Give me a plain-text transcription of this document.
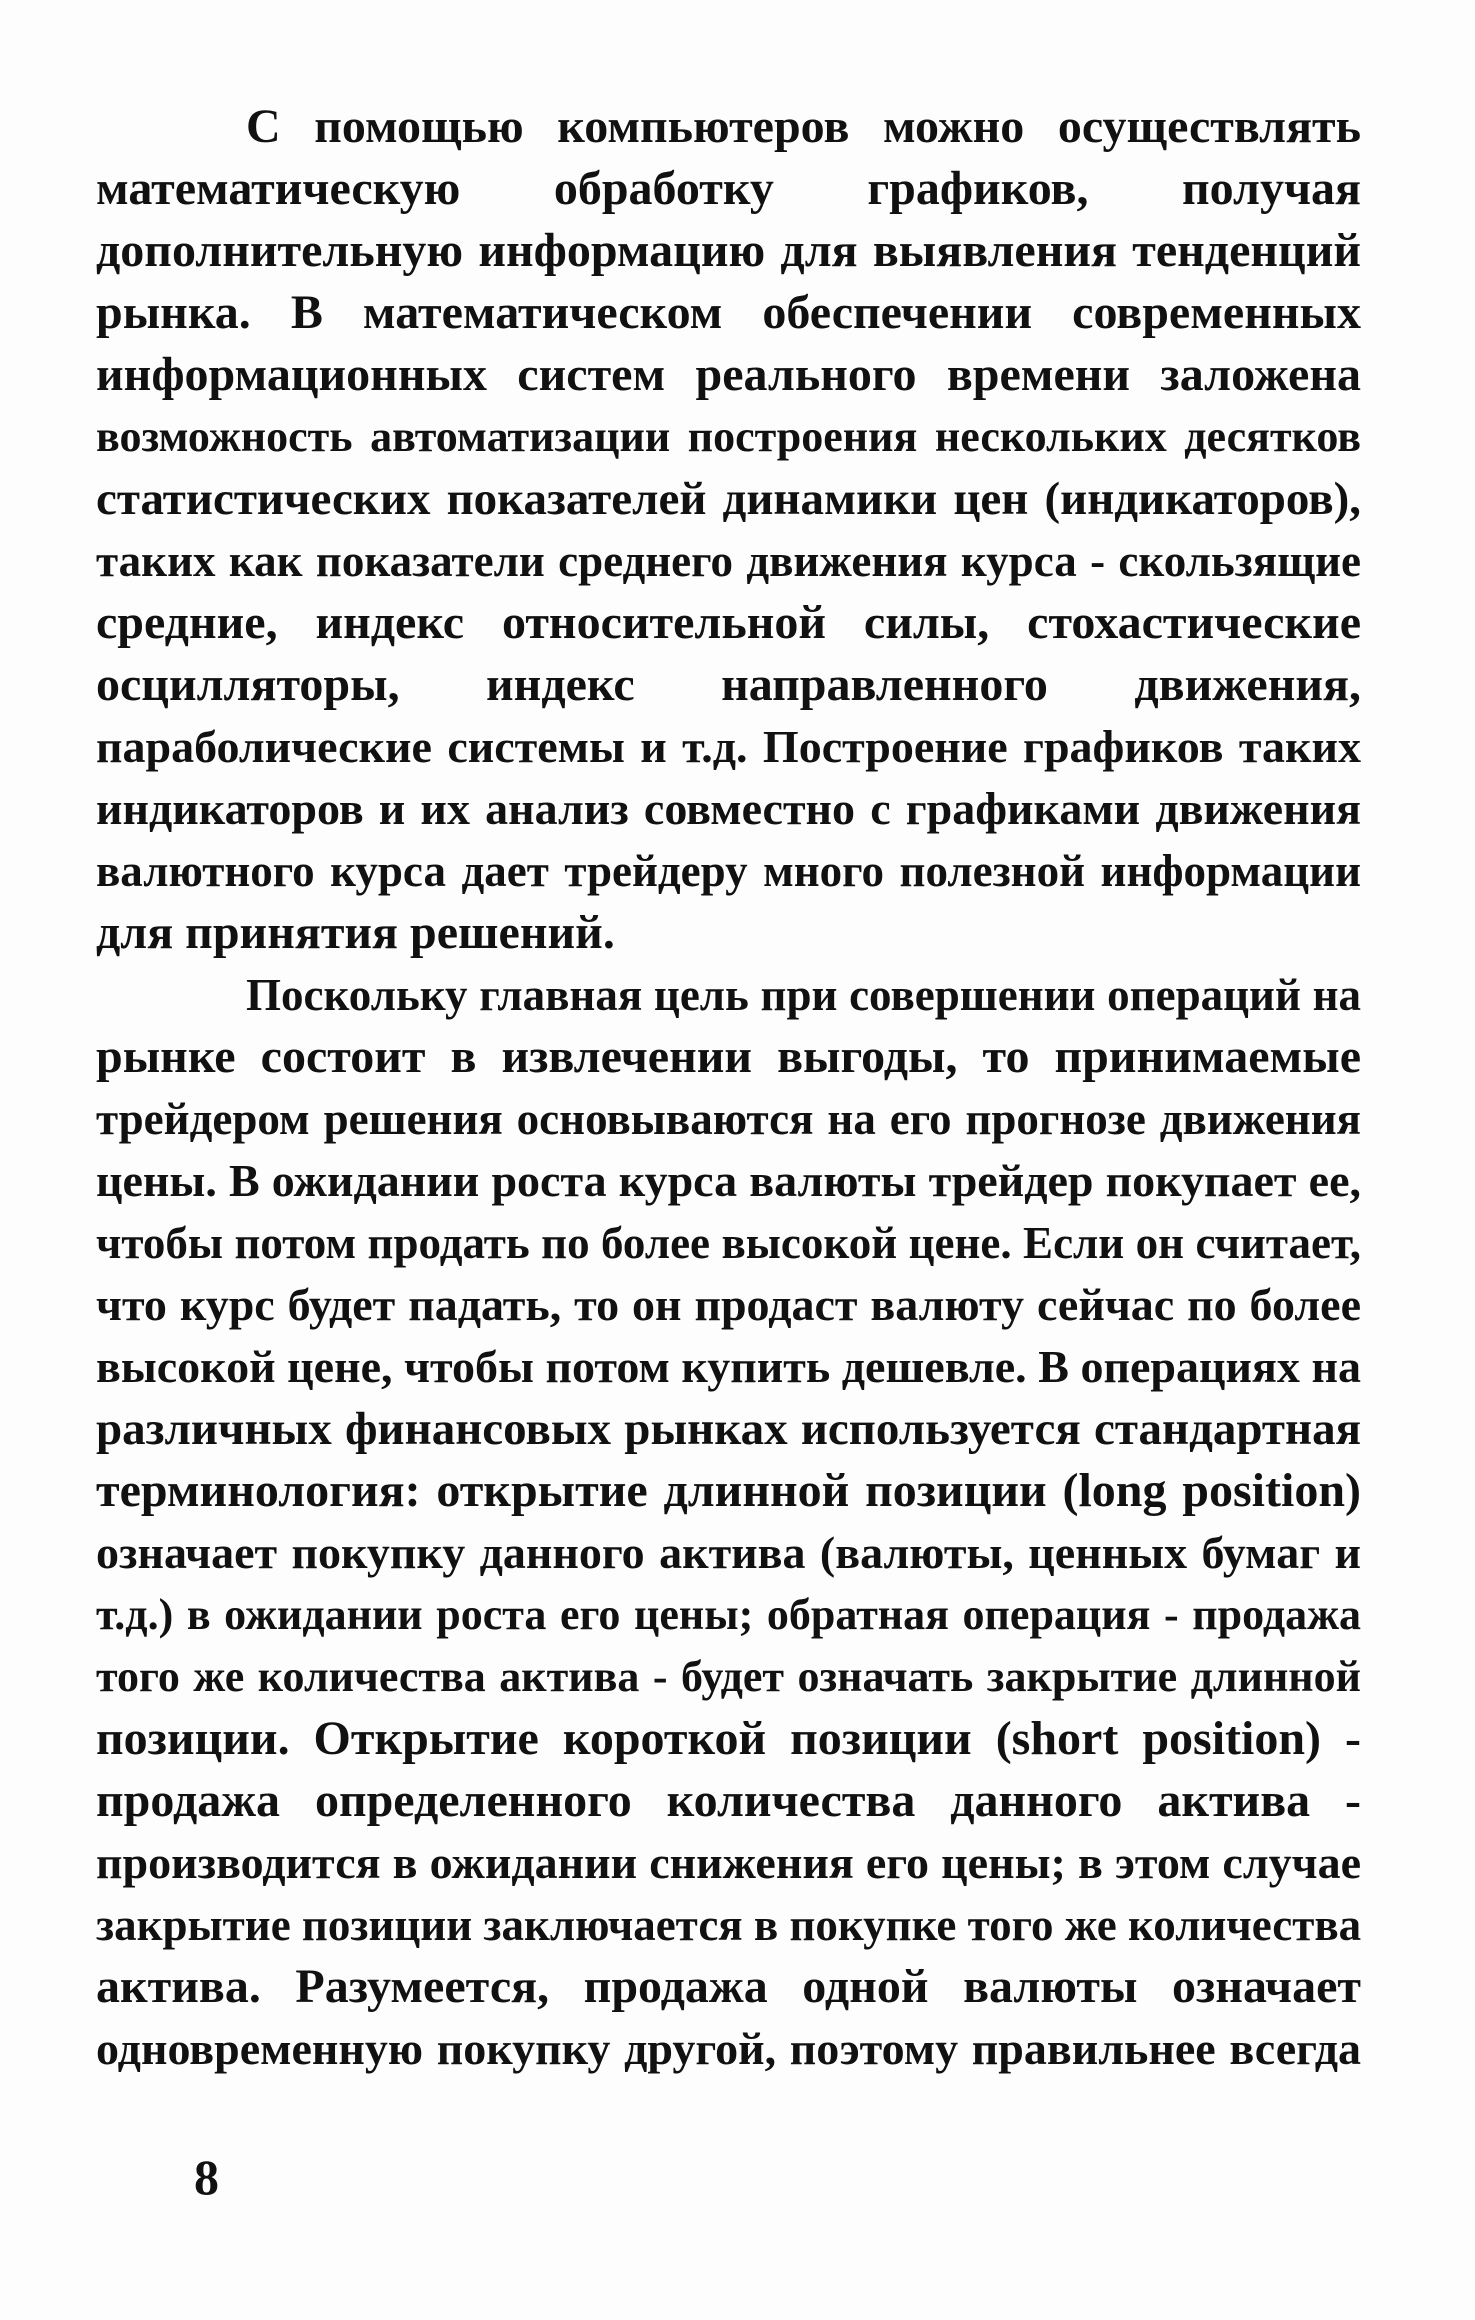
С помощью компьютеров можно осуществлять
математическую обработку графиков, получая
дополнительную информацию для выявления тенденций
рынка. В математическом обеспечении современных
информационных систем реального времени заложена
возможность автоматизации построения нескольких десятков
статистических показателей динамики цен (индикаторов),
таких как показатели среднего движения курса - скользящие
средние, индекс относительной силы, стохастические
осцилляторы, индекс направленного движения,
параболические системы и т.д. Построение графиков таких
индикаторов и их анализ совместно с графиками движения
валютного курса дает трейдеру много полезной информации
для принятия решений.
Поскольку главная цель при совершении операций на
рынке состоит в извлечении выгоды, то принимаемые
трейдером решения основываются на его прогнозе движения
цены. В ожидании роста курса валюты трейдер покупает ее,
чтобы потом продать по более высокой цене. Если он считает,
что курс будет падать, то он продаст валюту сейчас по более
высокой цене, чтобы потом купить дешевле. В операциях на
различных финансовых рынках используется стандартная
терминология: открытие длинной позиции (long position)
означает покупку данного актива (валюты, ценных бумаг и
т.д.) в ожидании роста его цены; обратная операция - продажа
того же количества актива - будет означать закрытие длинной
позиции. Открытие короткой позиции (short position) -
продажа определенного количества данного актива -
производится в ожидании снижения его цены; в этом случае
закрытие позиции заключается в покупке того же количества
актива. Разумеется, продажа одной валюты означает
одновременную покупку другой, поэтому правильнее всегда
8
